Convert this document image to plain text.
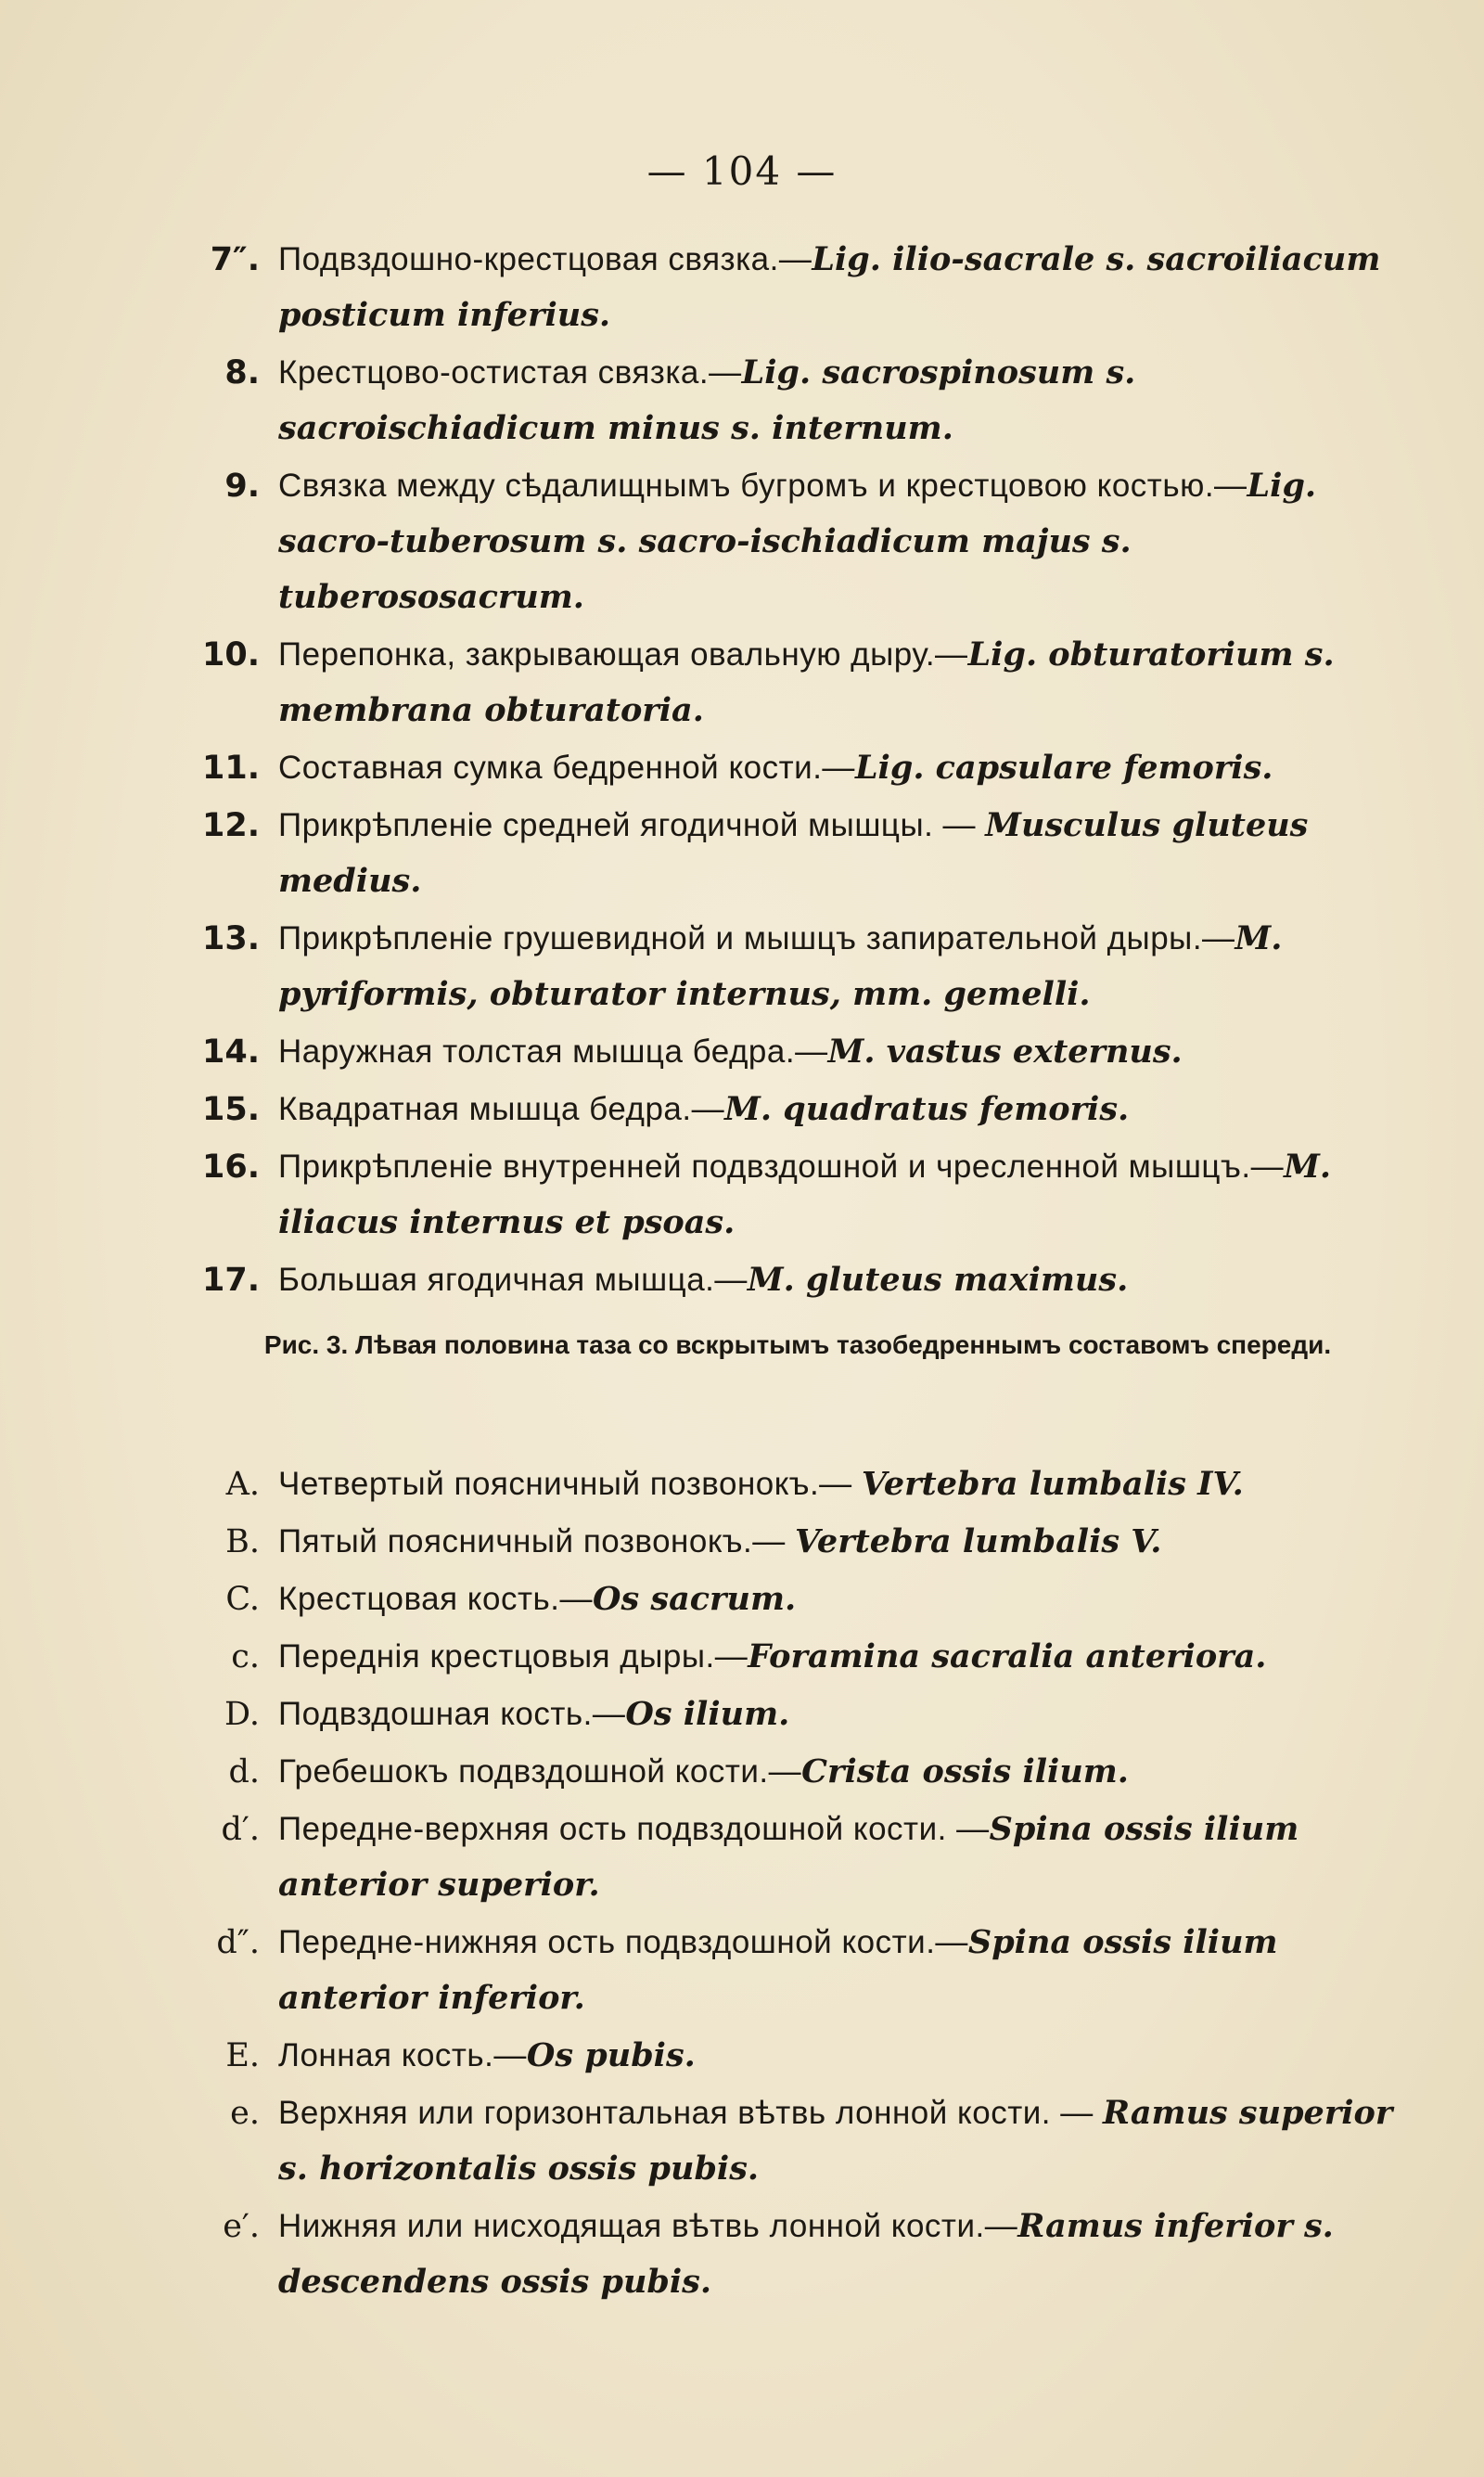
— 104 —
7″. Подвздошно-крестцовая связка.—Lig. ilio-sacrale s. sacroiliacum posticum inferius.
8. Крестцово-остистая связка.—Lig. sacrospinosum s. sacroischiadicum minus s. internum.
9. Связка между сѣдалищнымъ бугромъ и крестцовою костью.—Lig. sacro-tuberosum s. sacro-ischiadicum majus s. tuberososacrum.
10. Перепонка, закрывающая овальную дыру.—Lig. obturatorium s. membrana obturatoria.
11. Составная сумка бедренной кости.—Lig. capsulare femoris.
12. Прикрѣпленіе средней ягодичной мышцы. — Musculus gluteus medius.
13. Прикрѣпленіе грушевидной и мышцъ запирательной дыры.—M. pyriformis, obturator internus, mm. gemelli.
14. Наружная толстая мышца бедра.—M. vastus externus.
15. Квадратная мышца бедра.—M. quadratus femoris.
16. Прикрѣпленіе внутренней подвздошной и чресленной мышцъ.—M. iliacus internus et psoas.
17. Большая ягодичная мышца.—M. gluteus maximus.
Рис. 3. Лѣвая половина таза со вскрытымъ тазобедреннымъ составомъ спереди.
A. Четвертый поясничный позвонокъ.— Vertebra lumbalis IV.
B. Пятый поясничный позвонокъ.— Vertebra lumbalis V.
C. Крестцовая кость.—Os sacrum.
c. Переднія крестцовыя дыры.—Foramina sacralia anteriora.
D. Подвздошная кость.—Os ilium.
d. Гребешокъ подвздошной кости.—Crista ossis ilium.
d′. Передне-верхняя ость подвздошной кости. —Spina ossis ilium anterior superior.
d″. Передне-нижняя ость подвздошной кости.—Spina ossis ilium anterior inferior.
E. Лонная кость.—Os pubis.
e. Верхняя или горизонтальная вѣтвь лонной кости. — Ramus superior s. horizontalis ossis pubis.
e′. Нижняя или нисходящая вѣтвь лонной кости.—Ramus inferior s. descendens ossis pubis.
